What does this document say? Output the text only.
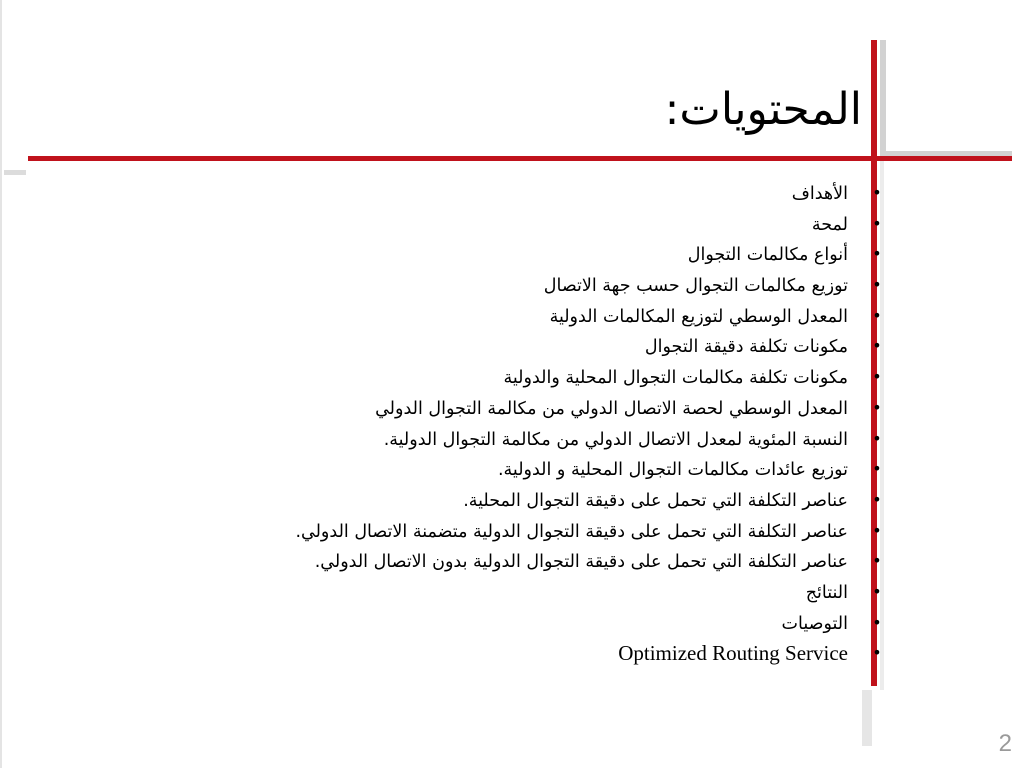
المحتويات:
•
الأهداف
•
لمحة
•
أنواع مكالمات التجوال
•
توزيع مكالمات التجوال حسب جهة الاتصال
•
المعدل الوسطي لتوزيع المكالمات الدولية
•
مكونات تكلفة دقيقة التجوال
•
مكونات تكلفة مكالمات التجوال المحلية والدولية
•
المعدل الوسطي لحصة الاتصال الدولي من مكالمة التجوال الدولي
•
النسبة المئوية لمعدل الاتصال الدولي من مكالمة التجوال الدولية.
•
توزيع عائدات مكالمات التجوال المحلية و الدولية.
•
عناصر التكلفة التي تحمل على دقيقة التجوال المحلية.
•
عناصر التكلفة التي تحمل على دقيقة التجوال الدولية متضمنة الاتصال الدولي.
•
عناصر التكلفة التي تحمل على دقيقة التجوال الدولية بدون الاتصال الدولي.
•
النتائج
•
التوصيات
•
Optimized Routing Service
2
